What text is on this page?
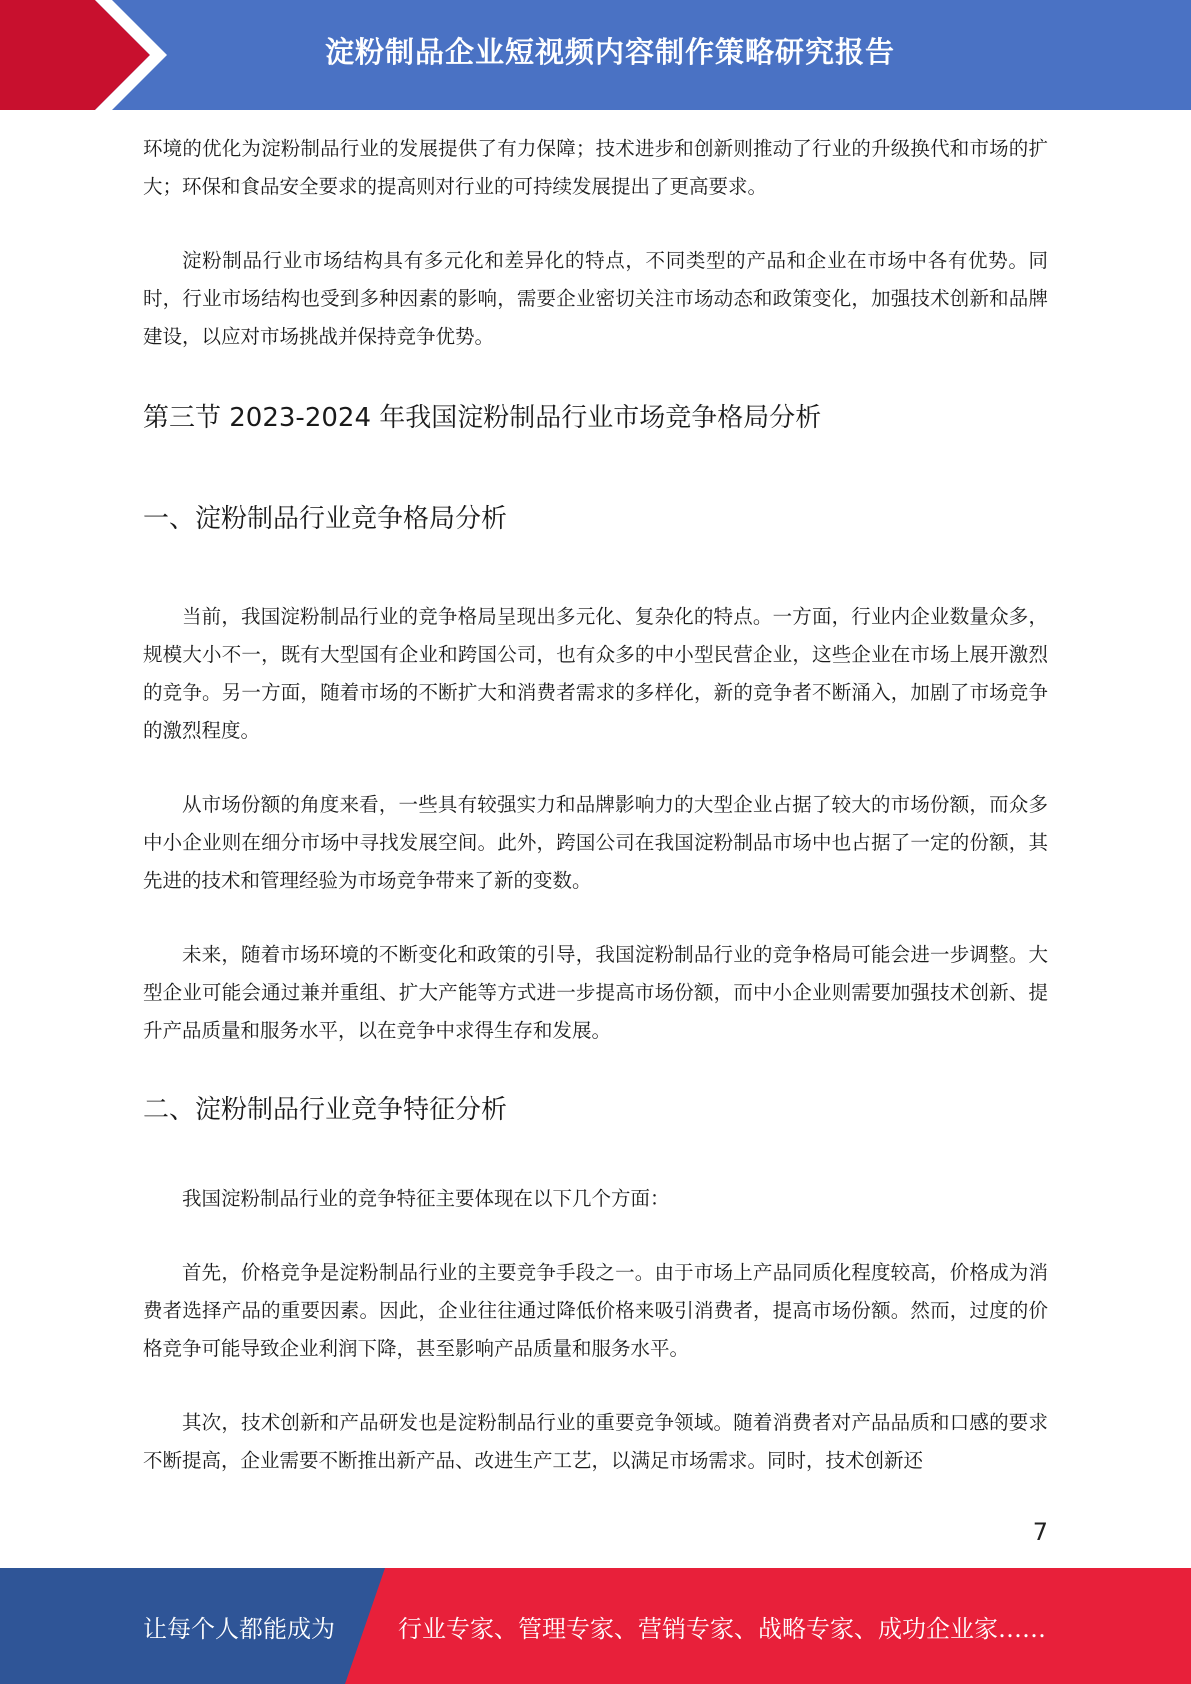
淀粉制品企业短视频内容制作策略研究报告

环境的优化为淀粉制品行业的发展提供了有力保障；技术进步和创新则推动了行业的升级换代和市场的扩大；环保和食品安全要求的提高则对行业的可持续发展提出了更高要求。

淀粉制品行业市场结构具有多元化和差异化的特点，不同类型的产品和企业在市场中各有优势。同时，行业市场结构也受到多种因素的影响，需要企业密切关注市场动态和政策变化，加强技术创新和品牌建设，以应对市场挑战并保持竞争优势。

第三节 2023-2024 年我国淀粉制品行业市场竞争格局分析
一、淀粉制品行业竞争格局分析

当前，我国淀粉制品行业的竞争格局呈现出多元化、复杂化的特点。一方面，行业内企业数量众多，规模大小不一，既有大型国有企业和跨国公司，也有众多的中小型民营企业，这些企业在市场上展开激烈的竞争。另一方面，随着市场的不断扩大和消费者需求的多样化，新的竞争者不断涌入，加剧了市场竞争的激烈程度。

从市场份额的角度来看，一些具有较强实力和品牌影响力的大型企业占据了较大的市场份额，而众多中小企业则在细分市场中寻找发展空间。此外，跨国公司在我国淀粉制品市场中也占据了一定的份额，其先进的技术和管理经验为市场竞争带来了新的变数。

未来，随着市场环境的不断变化和政策的引导，我国淀粉制品行业的竞争格局可能会进一步调整。大型企业可能会通过兼并重组、扩大产能等方式进一步提高市场份额，而中小企业则需要加强技术创新、提升产品质量和服务水平，以在竞争中求得生存和发展。

二、淀粉制品行业竞争特征分析

我国淀粉制品行业的竞争特征主要体现在以下几个方面：

首先，价格竞争是淀粉制品行业的主要竞争手段之一。由于市场上产品同质化程度较高，价格成为消费者选择产品的重要因素。因此，企业往往通过降低价格来吸引消费者，提高市场份额。然而，过度的价格竞争可能导致企业利润下降，甚至影响产品质量和服务水平。

其次，技术创新和产品研发也是淀粉制品行业的重要竞争领域。随着消费者对产品品质和口感的要求不断提高，企业需要不断推出新产品、改进生产工艺，以满足市场需求。同时，技术创新还

7
让每个人都能成为	行业专家、管理专家、营销专家、战略专家、成功企业家……
